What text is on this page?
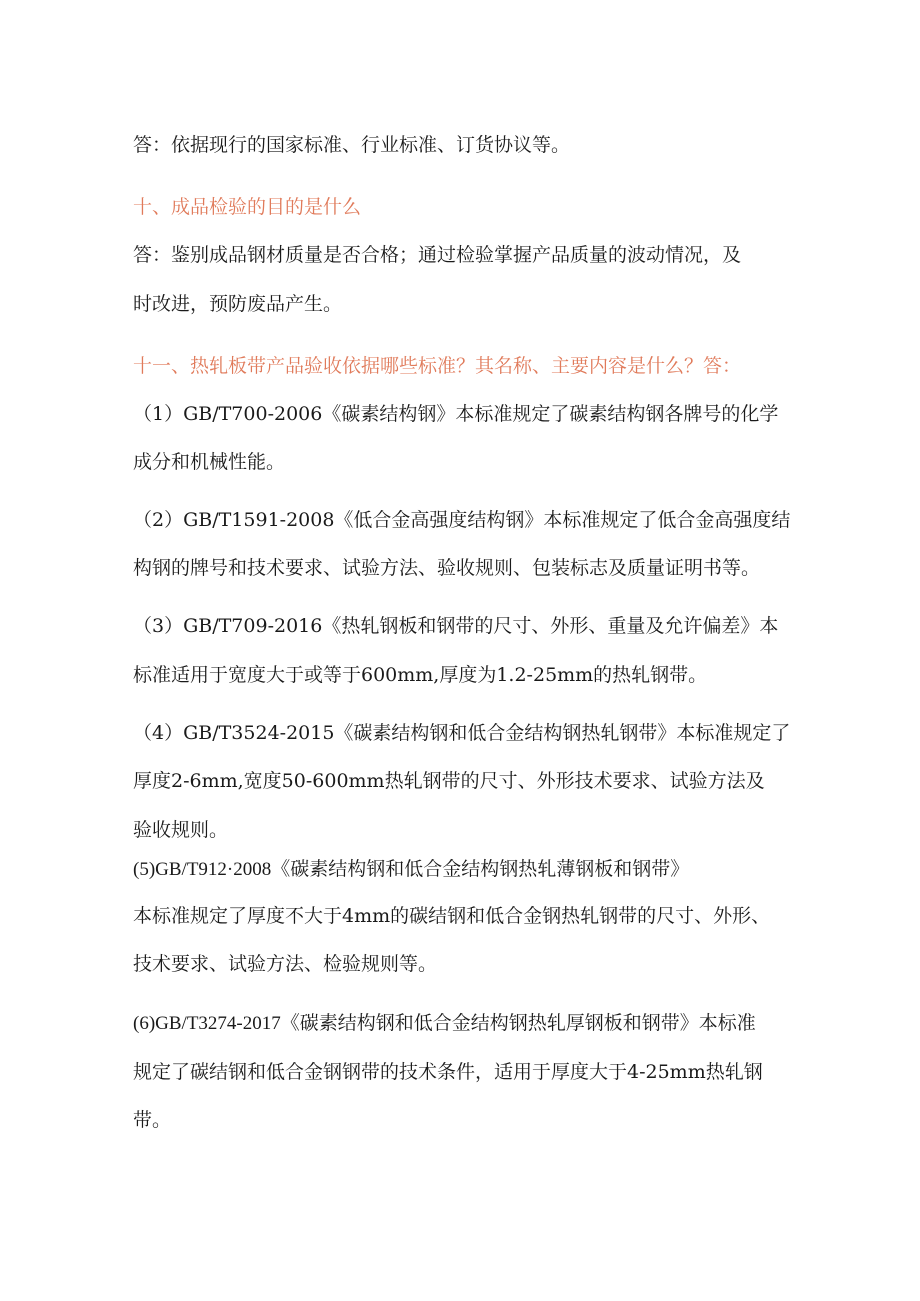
答：依据现行的国家标准、行业标准、订货协议等。
十、成品检验的目的是什么
答：鉴别成品钢材质量是否合格；通过检验掌握产品质量的波动情况，及
时改进，预防废品产生。
十一、热轧板带产品验收依据哪些标准？其名称、主要内容是什么？答：
（1）GB/T700-2006《碳素结构钢》本标准规定了碳素结构钢各牌号的化学
成分和机械性能。
（2）GB/T1591-2008《低合金高强度结构钢》本标准规定了低合金高强度结
构钢的牌号和技术要求、试验方法、验收规则、包装标志及质量证明书等。
（3）GB/T709-2016《热轧钢板和钢带的尺寸、外形、重量及允许偏差》本
标准适用于宽度大于或等于600mm,厚度为1.2-25mm的热轧钢带。
（4）GB/T3524-2015《碳素结构钢和低合金结构钢热轧钢带》本标准规定了
厚度2-6mm,宽度50-600mm热轧钢带的尺寸、外形技术要求、试验方法及
验收规则。
(5)GB/T912·2008《碳素结构钢和低合金结构钢热轧薄钢板和钢带》
本标准规定了厚度不大于4mm的碳结钢和低合金钢热轧钢带的尺寸、外形、
技术要求、试验方法、检验规则等。
(6)GB/T3274-2017《碳素结构钢和低合金结构钢热轧厚钢板和钢带》本标准
规定了碳结钢和低合金钢钢带的技术条件，适用于厚度大于4-25mm热轧钢
带。
